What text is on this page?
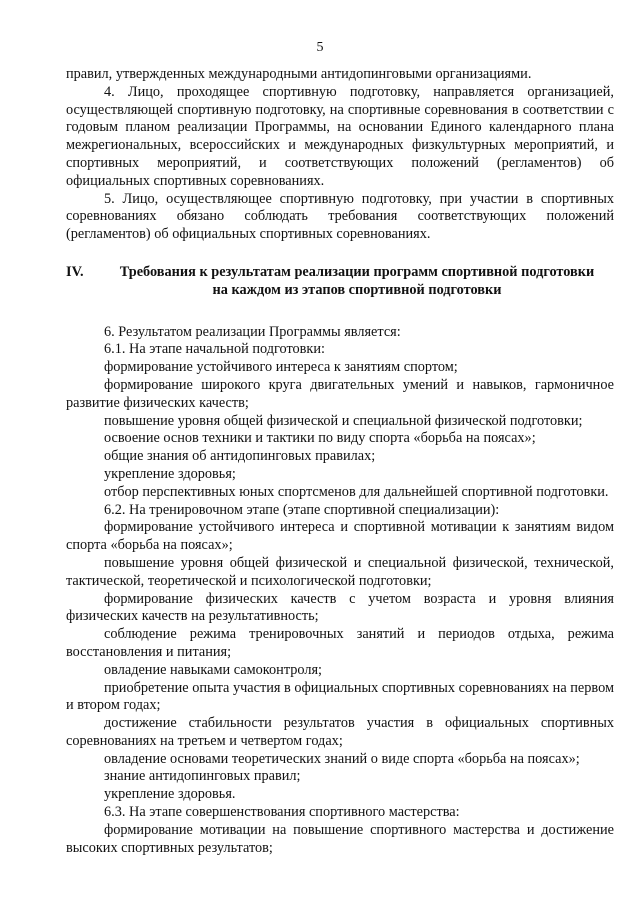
5

правил, утвержденных международными антидопинговыми организациями.

4. Лицо, проходящее спортивную подготовку, направляется организацией, осуществляющей спортивную подготовку, на спортивные соревнования в соответствии с годовым планом реализации Программы, на основании Единого календарного плана межрегиональных, всероссийских и международных физкультурных мероприятий, и спортивных мероприятий, и соответствующих положений (регламентов) об официальных спортивных соревнованиях.

5. Лицо, осуществляющее спортивную подготовку, при участии в спортивных соревнованиях обязано соблюдать требования соответствующих положений (регламентов) об официальных спортивных соревнованиях.

IV.	Требования к результатам реализации программ спортивной подготовки
на каждом из этапов спортивной подготовки

6. Результатом реализации Программы является:

6.1. На этапе начальной подготовки:

формирование устойчивого интереса к занятиям спортом;

формирование широкого круга двигательных умений и навыков, гармоничное развитие физических качеств;

повышение уровня общей физической и специальной физической подготовки;

освоение основ техники и тактики по виду спорта «борьба на поясах»;

общие знания об антидопинговых правилах;

укрепление здоровья;

отбор перспективных юных спортсменов для дальнейшей спортивной подготовки.

6.2. На тренировочном этапе (этапе спортивной специализации):

формирование устойчивого интереса и спортивной мотивации к занятиям видом спорта «борьба на поясах»;

повышение уровня общей физической и специальной физической, технической, тактической, теоретической и психологической подготовки;

формирование физических качеств с учетом возраста и уровня влияния физических качеств на результативность;

соблюдение режима тренировочных занятий и периодов отдыха, режима восстановления и питания;

овладение навыками самоконтроля;

приобретение опыта участия в официальных спортивных соревнованиях на первом и втором годах;

достижение стабильности результатов участия в официальных спортивных соревнованиях на третьем и четвертом годах;

овладение основами теоретических знаний о виде спорта «борьба на поясах»;

знание антидопинговых правил;

укрепление здоровья.

6.3. На этапе совершенствования спортивного мастерства:

формирование мотивации на повышение спортивного мастерства и достижение высоких спортивных результатов;
